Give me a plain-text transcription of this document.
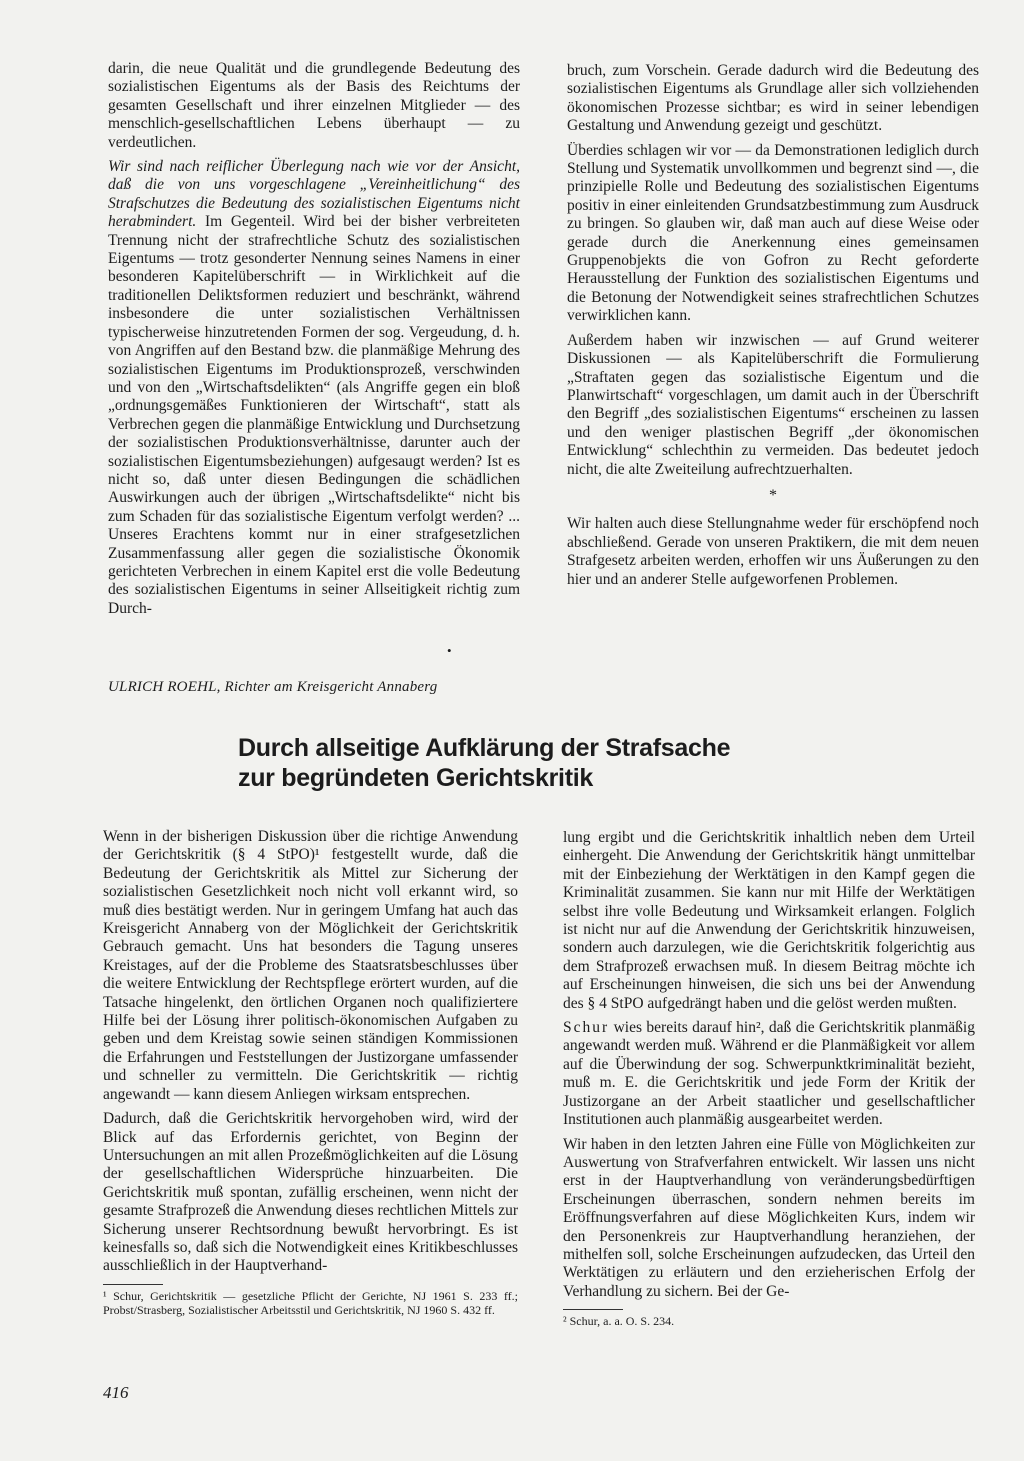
darin, die neue Qualität und die grundlegende Bedeutung des sozialistischen Eigentums als der Basis des Reichtums der gesamten Gesellschaft und ihrer einzelnen Mitglieder — des menschlich-gesellschaftlichen Lebens überhaupt — zu verdeutlichen.

Wir sind nach reiflicher Überlegung nach wie vor der Ansicht, daß die von uns vorgeschlagene „Vereinheitlichung“ des Strafschutzes die Bedeutung des sozialistischen Eigentums nicht herabmindert. Im Gegenteil. Wird bei der bisher verbreiteten Trennung nicht der strafrechtliche Schutz des sozialistischen Eigentums — trotz gesonderter Nennung seines Namens in einer besonderen Kapitelüberschrift — in Wirklichkeit auf die traditionellen Deliktsformen reduziert und beschränkt, während insbesondere die unter sozialistischen Verhältnissen typischerweise hinzutretenden Formen der sog. Vergeudung, d. h. von Angriffen auf den Bestand bzw. die planmäßige Mehrung des sozialistischen Eigentums im Produktionsprozeß, verschwinden und von den „Wirtschaftsdelikten“ (als Angriffe gegen ein bloß „ordnungsgemäßes Funktionieren der Wirtschaft“, statt als Verbrechen gegen die planmäßige Entwicklung und Durchsetzung der sozialistischen Produktionsverhältnisse, darunter auch der sozialistischen Eigentumsbeziehungen) aufgesaugt werden? Ist es nicht so, daß unter diesen Bedingungen die schädlichen Auswirkungen auch der übrigen „Wirtschaftsdelikte“ nicht bis zum Schaden für das sozialistische Eigentum verfolgt werden? ... Unseres Erachtens kommt nur in einer strafgesetzlichen Zusammenfassung aller gegen die sozialistische Ökonomik gerichteten Verbrechen in einem Kapitel erst die volle Bedeutung des sozialistischen Eigentums in seiner Allseitigkeit richtig zum Durch-

bruch, zum Vorschein. Gerade dadurch wird die Bedeutung des sozialistischen Eigentums als Grundlage aller sich vollziehenden ökonomischen Prozesse sichtbar; es wird in seiner lebendigen Gestaltung und Anwendung gezeigt und geschützt.

Überdies schlagen wir vor — da Demonstrationen lediglich durch Stellung und Systematik unvollkommen und begrenzt sind —, die prinzipielle Rolle und Bedeutung des sozialistischen Eigentums positiv in einer einleitenden Grundsatzbestimmung zum Ausdruck zu bringen. So glauben wir, daß man auch auf diese Weise oder gerade durch die Anerkennung eines gemeinsamen Gruppenobjekts die von Gofron zu Recht geforderte Herausstellung der Funktion des sozialistischen Eigentums und die Betonung der Notwendigkeit seines strafrechtlichen Schutzes verwirklichen kann.

Außerdem haben wir inzwischen — auf Grund weiterer Diskussionen — als Kapitelüberschrift die Formulierung „Straftaten gegen das sozialistische Eigentum und die Planwirtschaft“ vorgeschlagen, um damit auch in der Überschrift den Begriff „des sozialistischen Eigentums“ erscheinen zu lassen und den weniger plastischen Begriff „der ökonomischen Entwicklung“ schlechthin zu vermeiden. Das bedeutet jedoch nicht, die alte Zweiteilung aufrechtzuerhalten.

*

Wir halten auch diese Stellungnahme weder für erschöpfend noch abschließend. Gerade von unseren Praktikern, die mit dem neuen Strafgesetz arbeiten werden, erhoffen wir uns Äußerungen zu den hier und an anderer Stelle aufgeworfenen Problemen.

•
ULRICH ROEHL, Richter am Kreisgericht Annaberg
Durch allseitige Aufklärung der Strafsache
zur begründeten Gerichtskritik

Wenn in der bisherigen Diskussion über die richtige Anwendung der Gerichtskritik (§ 4 StPO)¹ festgestellt wurde, daß die Bedeutung der Gerichtskritik als Mittel zur Sicherung der sozialistischen Gesetzlichkeit noch nicht voll erkannt wird, so muß dies bestätigt werden. Nur in geringem Umfang hat auch das Kreisgericht Annaberg von der Möglichkeit der Gerichtskritik Gebrauch gemacht. Uns hat besonders die Tagung unseres Kreistages, auf der die Probleme des Staatsratsbeschlusses über die weitere Entwicklung der Rechtspflege erörtert wurden, auf die Tatsache hingelenkt, den örtlichen Organen noch qualifiziertere Hilfe bei der Lösung ihrer politisch-ökonomischen Aufgaben zu geben und dem Kreistag sowie seinen ständigen Kommissionen die Erfahrungen und Feststellungen der Justizorgane umfassender und schneller zu vermitteln. Die Gerichtskritik — richtig angewandt — kann diesem Anliegen wirksam entsprechen.

Dadurch, daß die Gerichtskritik hervorgehoben wird, wird der Blick auf das Erfordernis gerichtet, von Beginn der Untersuchungen an mit allen Prozeßmöglichkeiten auf die Lösung der gesellschaftlichen Widersprüche hinzuarbeiten. Die Gerichtskritik muß spontan, zufällig erscheinen, wenn nicht der gesamte Strafprozeß die Anwendung dieses rechtlichen Mittels zur Sicherung unserer Rechtsordnung bewußt hervorbringt. Es ist keinesfalls so, daß sich die Notwendigkeit eines Kritikbeschlusses ausschließlich in der Hauptverhand-

¹ Schur, Gerichtskritik — gesetzliche Pflicht der Gerichte, NJ 1961 S. 233 ff.; Probst/Strasberg, Sozialistischer Arbeitsstil und Gerichtskritik, NJ 1960 S. 432 ff.

lung ergibt und die Gerichtskritik inhaltlich neben dem Urteil einhergeht. Die Anwendung der Gerichtskritik hängt unmittelbar mit der Einbeziehung der Werktätigen in den Kampf gegen die Kriminalität zusammen. Sie kann nur mit Hilfe der Werktätigen selbst ihre volle Bedeutung und Wirksamkeit erlangen. Folglich ist nicht nur auf die Anwendung der Gerichtskritik hinzuweisen, sondern auch darzulegen, wie die Gerichtskritik folgerichtig aus dem Strafprozeß erwachsen muß. In diesem Beitrag möchte ich auf Erscheinungen hinweisen, die sich uns bei der Anwendung des § 4 StPO aufgedrängt haben und die gelöst werden mußten.

Schur wies bereits darauf hin², daß die Gerichtskritik planmäßig angewandt werden muß. Während er die Planmäßigkeit vor allem auf die Überwindung der sog. Schwerpunktkriminalität bezieht, muß m. E. die Gerichtskritik und jede Form der Kritik der Justizorgane an der Arbeit staatlicher und gesellschaftlicher Institutionen auch planmäßig ausgearbeitet werden.

Wir haben in den letzten Jahren eine Fülle von Möglichkeiten zur Auswertung von Strafverfahren entwickelt. Wir lassen uns nicht erst in der Hauptverhandlung von veränderungsbedürftigen Erscheinungen überraschen, sondern nehmen bereits im Eröffnungsverfahren auf diese Möglichkeiten Kurs, indem wir den Personenkreis zur Hauptverhandlung heranziehen, der mithelfen soll, solche Erscheinungen aufzudecken, das Urteil den Werktätigen zu erläutern und den erzieherischen Erfolg der Verhandlung zu sichern. Bei der Ge-

² Schur, a. a. O. S. 234.

416
